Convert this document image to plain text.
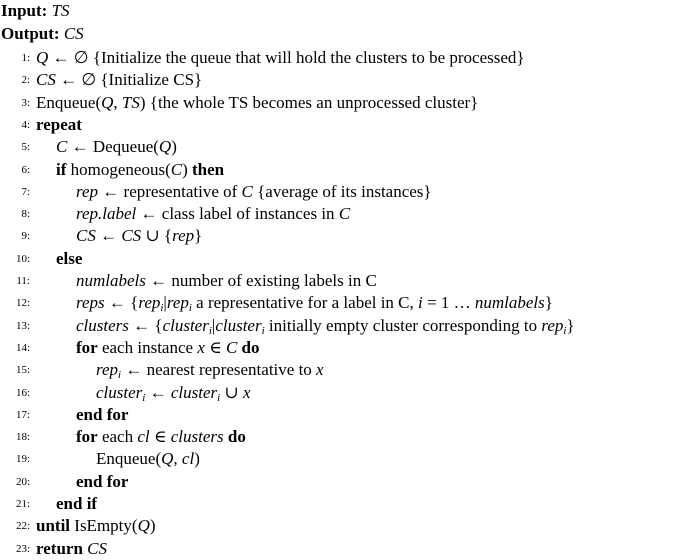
Input: TS
Output: CS
1: Q ← ∅ {Initialize the queue that will hold the clusters to be processed}
2: CS ← ∅ {Initialize CS}
3: Enqueue(Q, TS) {the whole TS becomes an unprocessed cluster}
4: repeat
5: C ← Dequeue(Q)
6: if homogeneous(C) then
7:	rep ← representative of C {average of its instances}
8:	rep.label ← class label of instances in C
9:	CS ← CS ∪ {rep}
10: else
11:	numlabels ← number of existing labels in C
12:	reps ← {rep$_i$|rep$_i$ a representative for a label in C, i = 1 … numlabels}
13:	clusters ← {cluster$_i$|cluster$_i$ initially empty cluster corresponding to rep$_i$}
14:	for each instance x ∈ C do
15:	rep$_i$ ← nearest representative to x
16:	cluster$_i$ ← cluster$_i$ ∪ x
17:	end for
18:	for each cl ∈ clusters do
19:	Enqueue(Q, cl)
20:	end for
21: end if
22: until IsEmpty(Q)
23: return CS
